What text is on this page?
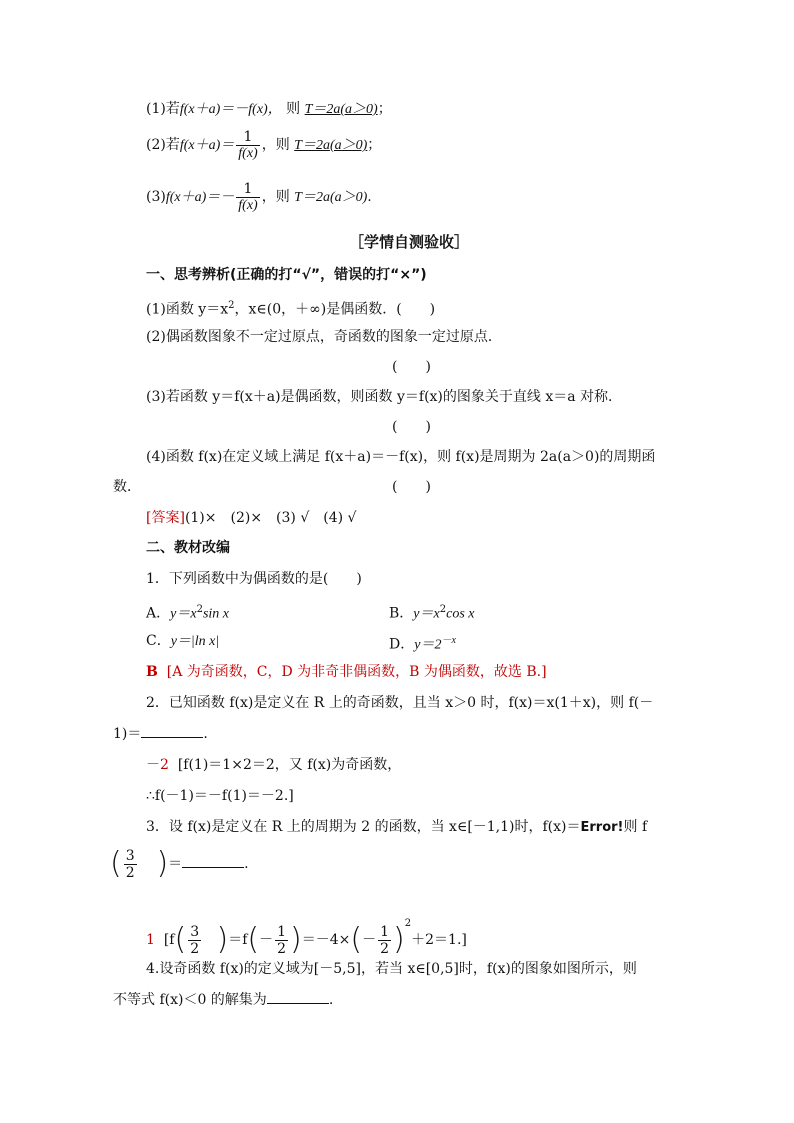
(1)若f(x＋a)＝－f(x)， 则 T＝2a(a＞0)；
(2)若$f(x+a)= \frac{1}{f(x)}$ ，则 T＝2a(a＞0)；
$(3)f(x+a)=- \frac{1}{f(x)}$ ，则 T＝2a(a＞0).
［学情自测验收］
一、思考辨析(正确的打“√”，错误的打“×”)
(1)函数 $y=x^2$，x∈(0，＋∞)是偶函数．(　　)
(2)偶函数图象不一定过原点，奇函数的图象一定过原点．
(　　)
(3)若函数 y＝f(x＋a)是偶函数，则函数 y＝f(x)的图象关于直线 x＝a 对称．
(　　)
(4)函数 f(x)在定义域上满足 f(x＋a)＝－f(x)，则 f(x)是周期为 2a(a＞0)的周期函
数．	(　　)
[答案](1)×　(2)×　(3) √　(4) √
二、教材改编
1．下列函数中为偶函数的是(　　)
A．$y=x^2\sin$ x	B．$y=x^2\cos$ x
C．y＝|ln x|	D．$y=2^{-x}$
B [A 为奇函数，C，D 为非奇非偶函数，B 为偶函数，故选 B.]
2．已知函数 f(x)是定义在 R 上的奇函数，且当 x＞0 时，f(x)＝x(1＋x)，则 f(－
1)＝	.
－2 [f(1)＝1×2＝2，又 f(x)为奇函数，
∴f(－1)＝－f(1)＝－2.]
3．设 f(x)是定义在 R 上的周期为 2 的函数，当 x∈[－1,1)时，f(x)＝Error!则 f
( $\frac{3}{2}$ )＝	.
1 $[f( \frac{3}{2} )=f(- \frac{1}{2} )=-4\times(- \frac{1}{2} )^2+2=1.]$
4.设奇函数 f(x)的定义域为[－5,5]，若当 x∈[0,5]时，f(x)的图象如图所示，则
不等式 f(x)＜0 的解集为	.
